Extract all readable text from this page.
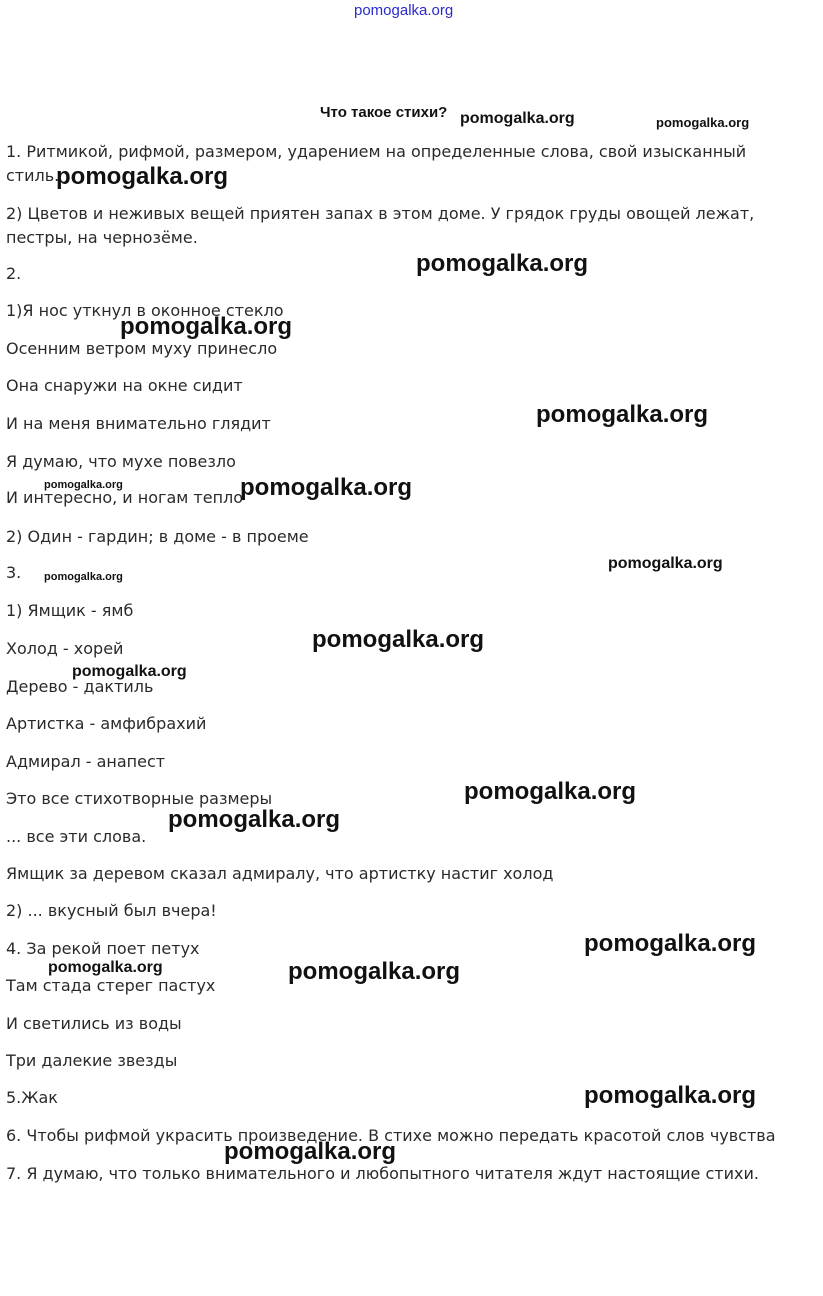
pomogalka.org
Что такое стихи?
1. Ритмикой, рифмой, размером, ударением на определенные слова, свой изысканный
стиль.
2) Цветов и неживых вещей приятен запах в этом доме. У грядок груды овощей лежат,
пестры, на чернозёме.
2.
1)Я нос уткнул в оконное стекло
Осенним ветром муху принесло
Она снаружи на окне сидит
И на меня внимательно глядит
Я думаю, что мухе повезло
И интересно, и ногам тепло
2) Один - гардин; в доме - в проеме
3.
1) Ямщик - ямб
Холод - хорей
Дерево - дактиль
Артистка - амфибрахий
Адмирал - анапест
Это все стихотворные размеры
... все эти слова.
Ямщик за деревом сказал адмиралу, что артистку настиг холод
2) ... вкусный был вчера!
4. За рекой поет петух
Там стада стерег пастух
И светились из воды
Три далекие звезды
5.Жак
6. Чтобы рифмой украсить произведение. В стихе можно передать красотой слов чувства
7. Я думаю, что только внимательного и любопытного читателя ждут настоящие стихи.
pomogalka.org	pomogalka.org
pomogalka.org
pomogalka.org
pomogalka.org
pomogalka.org
pomogalka.org	pomogalka.org
pomogalka.org
pomogalka.org
pomogalka.org
pomogalka.org
pomogalka.org
pomogalka.org
pomogalka.org
pomogalka.org
pomogalka.org
pomogalka.org
pomogalka.org
